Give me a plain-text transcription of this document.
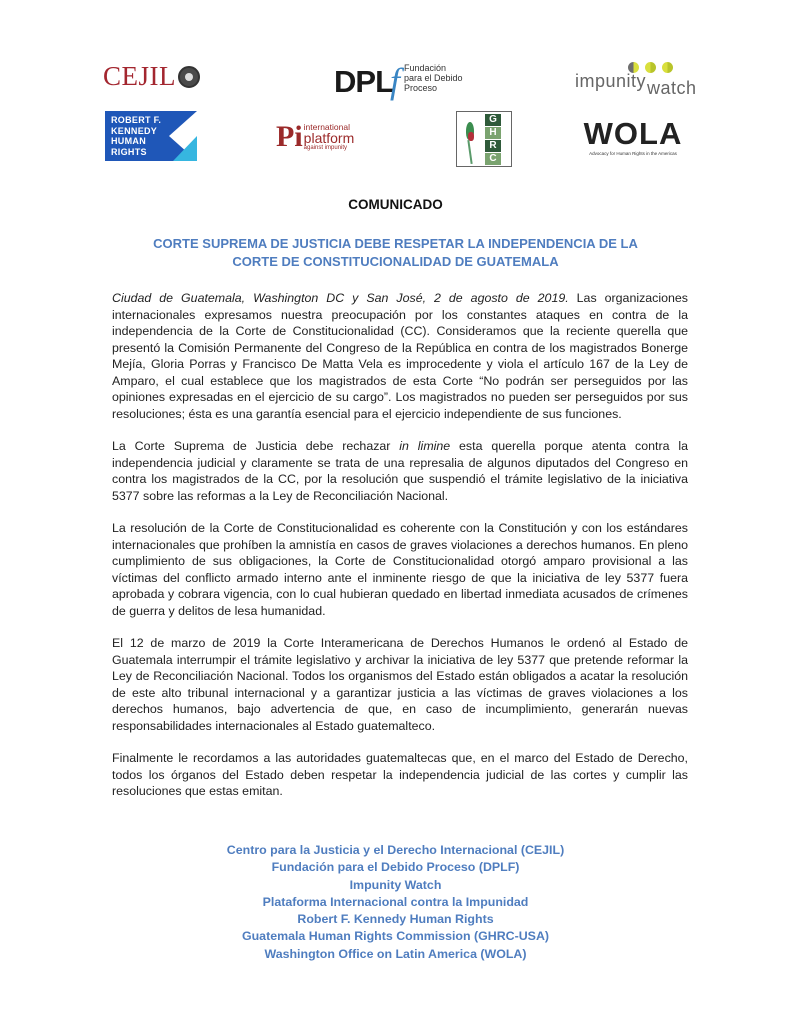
CEJIL
ROBERT F.
KENNEDY
HUMAN
RIGHTS
DPL
f Fundación
para el Debido
Proceso
Pi international
platform
against impunity
G
H
R
C
impunity watch
WOLA
Advocacy for Human Rights in the Americas
COMUNICADO
CORTE SUPREMA DE JUSTICIA DEBE RESPETAR LA INDEPENDENCIA DE LA
CORTE DE CONSTITUCIONALIDAD DE GUATEMALA

Ciudad de Guatemala, Washington DC y San José, 2 de agosto de 2019. Las organizaciones internacionales expresamos nuestra preocupación por los constantes ataques en contra de la independencia de la Corte de Constitucionalidad (CC). Consideramos que la reciente querella que presentó la Comisión Permanente del Congreso de la República en contra de los magistrados Bonerge Mejía, Gloria Porras y Francisco De Matta Vela es improcedente y viola el artículo 167 de la Ley de Amparo, el cual establece que los magistrados de esta Corte “No podrán ser perseguidos por las opiniones expresadas en el ejercicio de su cargo”. Los magistrados no pueden ser perseguidos por sus resoluciones; ésta es una garantía esencial para el ejercicio independiente de sus funciones.

La Corte Suprema de Justicia debe rechazar in limine esta querella porque atenta contra la independencia judicial y claramente se trata de una represalia de algunos diputados del Congreso en contra los magistrados de la CC, por la resolución que suspendió el trámite legislativo de la iniciativa 5377 sobre las reformas a la Ley de Reconciliación Nacional.

La resolución de la Corte de Constitucionalidad es coherente con la Constitución y con los estándares internacionales que prohíben la amnistía en casos de graves violaciones a derechos humanos. En pleno cumplimiento de sus obligaciones, la Corte de Constitucionalidad otorgó amparo provisional a las víctimas del conflicto armado interno ante el inminente riesgo de que la iniciativa de ley 5377 fuera aprobada y cobrara vigencia, con lo cual hubieran quedado en libertad inmediata acusados de crímenes de guerra y delitos de lesa humanidad.

El 12 de marzo de 2019 la Corte Interamericana de Derechos Humanos le ordenó al Estado de Guatemala interrumpir el trámite legislativo y archivar la iniciativa de ley 5377 que pretende reformar la Ley de Reconciliación Nacional. Todos los organismos del Estado están obligados a acatar la resolución de este alto tribunal internacional y a garantizar justicia a las víctimas de graves violaciones a los derechos humanos, bajo advertencia de que, en caso de incumplimiento, generarán nuevas responsabilidades internacionales al Estado guatemalteco.

Finalmente le recordamos a las autoridades guatemaltecas que, en el marco del Estado de Derecho, todos los órganos del Estado deben respetar la independencia judicial de las cortes y cumplir las resoluciones que estas emitan.

Centro para la Justicia y el Derecho Internacional (CEJIL)
Fundación para el Debido Proceso (DPLF)
Impunity Watch
Plataforma Internacional contra la Impunidad
Robert F. Kennedy Human Rights
Guatemala Human Rights Commission (GHRC-USA)
Washington Office on Latin America (WOLA)
